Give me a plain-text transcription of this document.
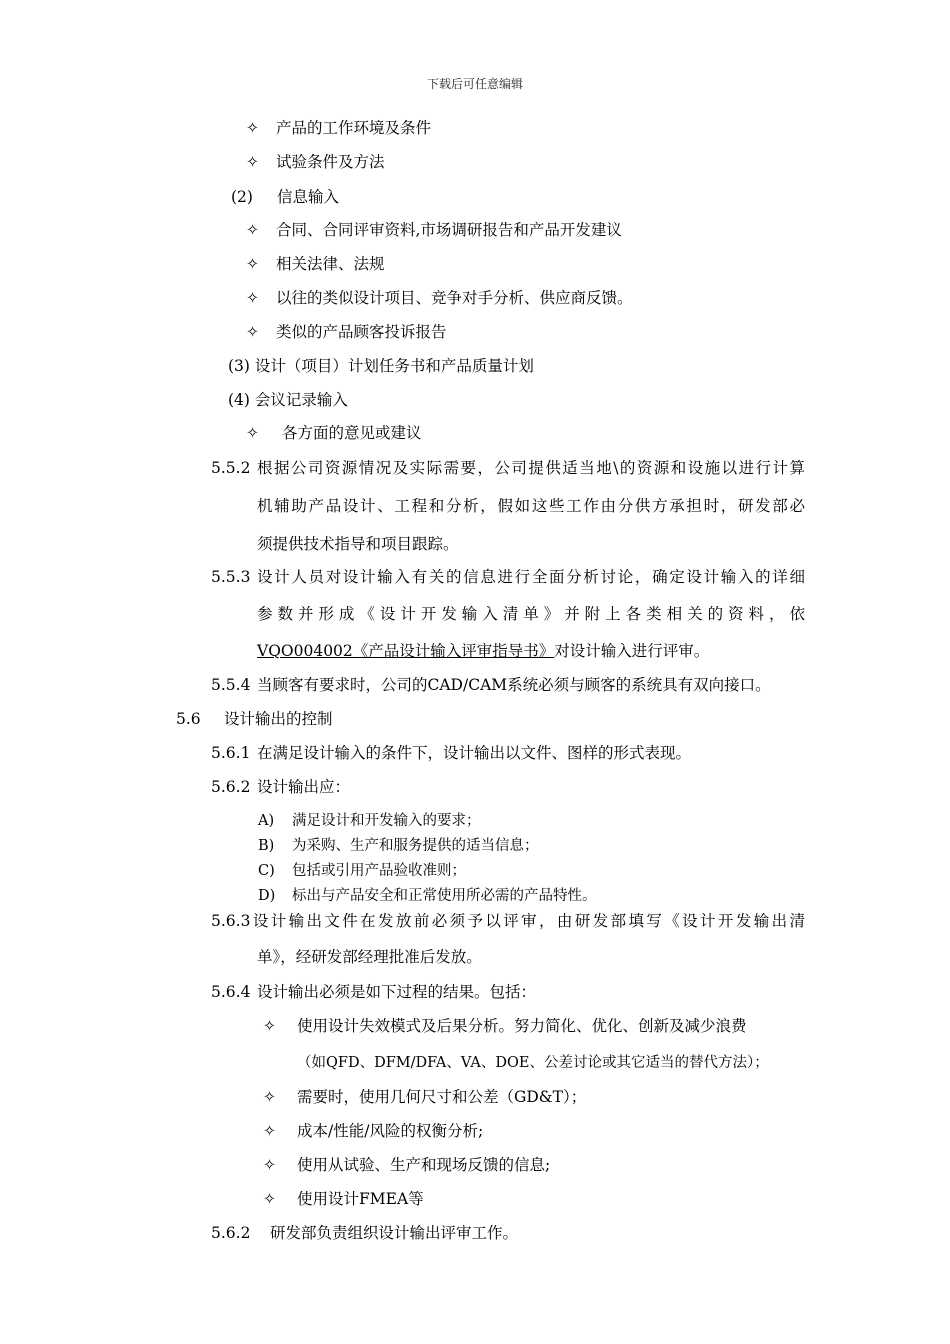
下载后可任意编辑
✧ 产品的工作环境及条件
✧ 试验条件及方法
(2) 信息输入
✧ 合同、合同评审资料,市场调研报告和产品开发建议
✧ 相关法律、法规
✧ 以往的类似设计项目、竞争对手分析、供应商反馈。
✧ 类似的产品顾客投诉报告
(3) 设计（项目）计划任务书和产品质量计划
(4) 会议记录输入
✧ 各方面的意见或建议
5.5.2 根据公司资源情况及实际需要，公司提供适当地\的资源和设施以进行计算
机辅助产品设计、工程和分析，假如这些工作由分供方承担时，研发部必
须提供技术指导和项目跟踪。
5.5.3 设计人员对设计输入有关的信息进行全面分析讨论，确定设计输入的详细
参数并形成《设计开发输入清单》并附上各类相关的资料，依
VQO004002《产品设计输入评审指导书》对设计输入进行评审。
5.5.4 当顾客有要求时，公司的CAD/CAM系统必须与顾客的系统具有双向接口。
5.6 设计输出的控制
5.6.1 在满足设计输入的条件下，设计输出以文件、图样的形式表现。
5.6.2 设计输出应：
A) 满足设计和开发输入的要求；
B) 为采购、生产和服务提供的适当信息；
C) 包括或引用产品验收准则；
D) 标出与产品安全和正常使用所必需的产品特性。
5.6.3设计输出文件在发放前必须予以评审，由研发部填写《设计开发输出清
单》，经研发部经理批准后发放。
5.6.4 设计输出必须是如下过程的结果。包括：
✧ 使用设计失效模式及后果分析。努力简化、优化、创新及减少浪费
（如QFD、DFM/DFA、VA、DOE、公差讨论或其它适当的替代方法）；
✧ 需要时，使用几何尺寸和公差（GD&T）；
✧ 成本/性能/风险的权衡分析;
✧ 使用从试验、生产和现场反馈的信息;
✧ 使用设计FMEA等
5.6.2 研发部负责组织设计输出评审工作。
